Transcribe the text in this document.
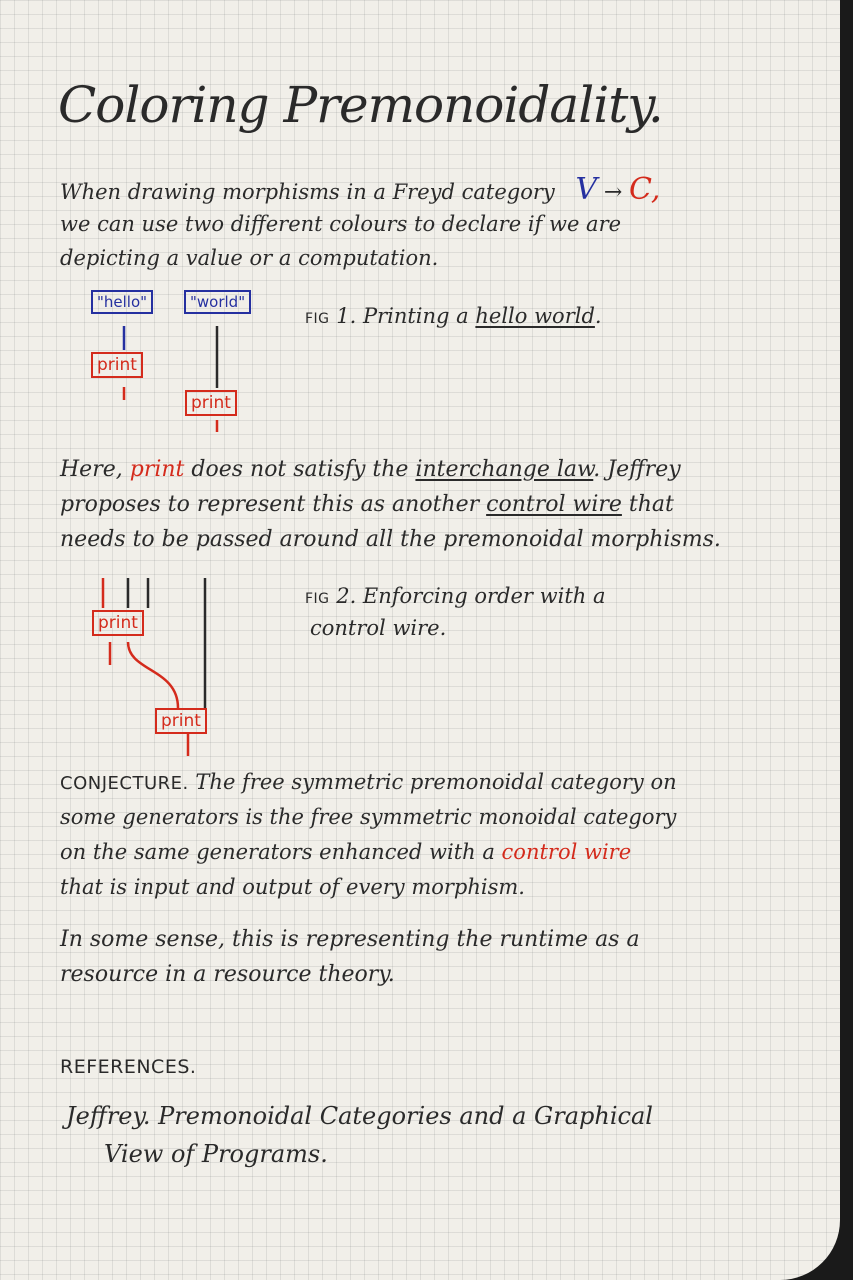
Coloring Premonoidality.
When drawing morphisms in a Freyd category V → C,
we can use two different colours to declare if we are
depicting a value or a computation.
"hello"	"world"
print
print
FIG 1. Printing a hello world.
Here, print does not satisfy the interchange law. Jeffrey
proposes to represent this as another control wire that
needs to be passed around all the premonoidal morphisms.
print
print
FIG 2. Enforcing order with a
control wire.
CONJECTURE. The free symmetric premonoidal category on
some generators is the free symmetric monoidal category
on the same generators enhanced with a control wire
that is input and output of every morphism.
In some sense, this is representing the runtime as a
resource in a resource theory.
REFERENCES.
Jeffrey. Premonoidal Categories and a Graphical
View of Programs.
